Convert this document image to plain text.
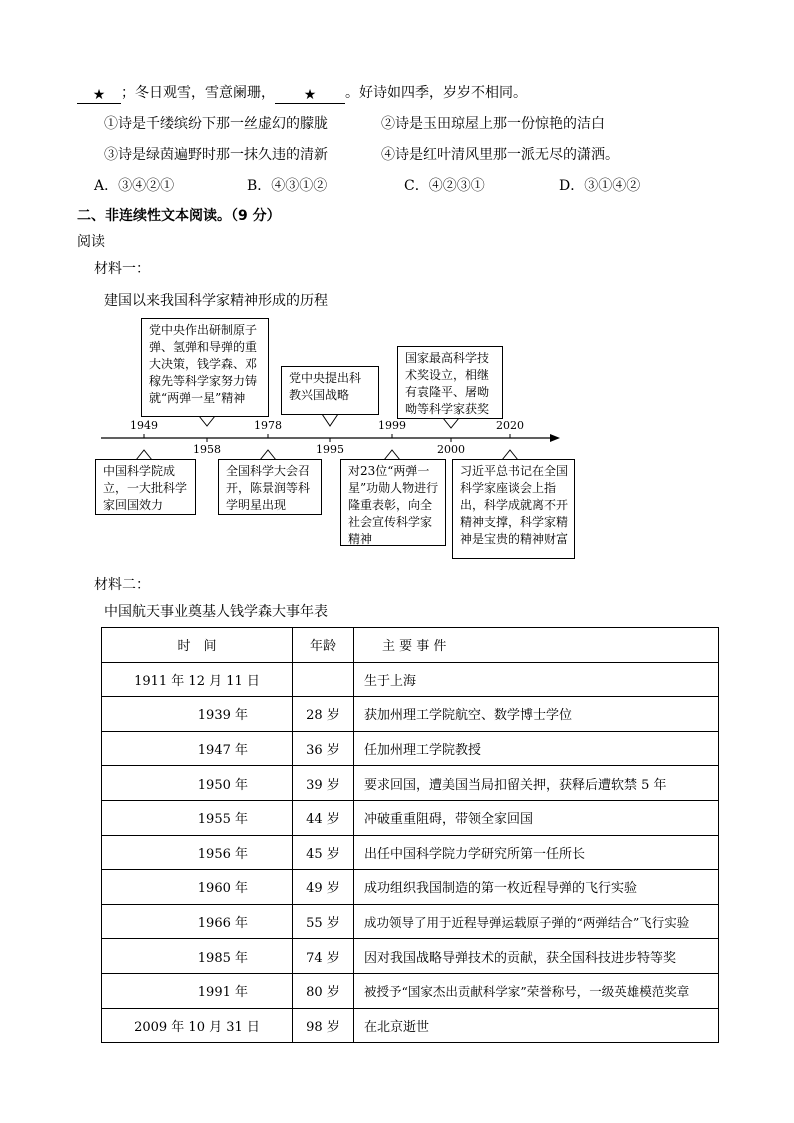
★ ；冬日观雪，雪意阑珊， ★ 。好诗如四季，岁岁不相同。
①诗是千缕缤纷下那一丝虚幻的朦胧	②诗是玉田琼屋上那一份惊艳的洁白
③诗是绿茵遍野时那一抹久违的清新	④诗是红叶清风里那一派无尽的潇洒。
A．③④②①	B．④③①②	C．④②③①	D．③①④②
二、非连续性文本阅读。（9 分）
阅读
材料一：
建国以来我国科学家精神形成的历程
1949
1958
1978
1995
1999
2000
2020
党中央作出研制原子弹、氢弹和导弹的重大决策，钱学森、邓稼先等科学家努力铸就“两弹一星”精神
党中央提出科教兴国战略
国家最高科学技术奖设立，相继有袁隆平、屠呦呦等科学家获奖
中国科学院成立，一大批科学家回国效力
全国科学大会召开，陈景润等科学明星出现
对23位“两弹一星”功勋人物进行隆重表彰，向全社会宣传科学家精神
习近平总书记在全国科学家座谈会上指出，科学成就离不开精神支撑，科学家精神是宝贵的精神财富
材料二：
中国航天事业奠基人钱学森大事年表
时　间	年龄	主 要 事 件
1911 年 12 月 11 日		生于上海
1939 年	28 岁	获加州理工学院航空、数学博士学位
1947 年	36 岁	任加州理工学院教授
1950 年	39 岁	要求回国，遭美国当局扣留关押，获释后遭软禁 5 年
1955 年	44 岁	冲破重重阻碍，带领全家回国
1956 年	45 岁	出任中国科学院力学研究所第一任所长
1960 年	49 岁	成功组织我国制造的第一枚近程导弹的飞行实验
1966 年	55 岁	成功领导了用于近程导弹运载原子弹的“两弹结合”飞行实验
1985 年	74 岁	因对我国战略导弹技术的贡献，获全国科技进步特等奖
1991 年	80 岁	被授予“国家杰出贡献科学家”荣誉称号，一级英雄模范奖章
2009 年 10 月 31 日	98 岁	在北京逝世
